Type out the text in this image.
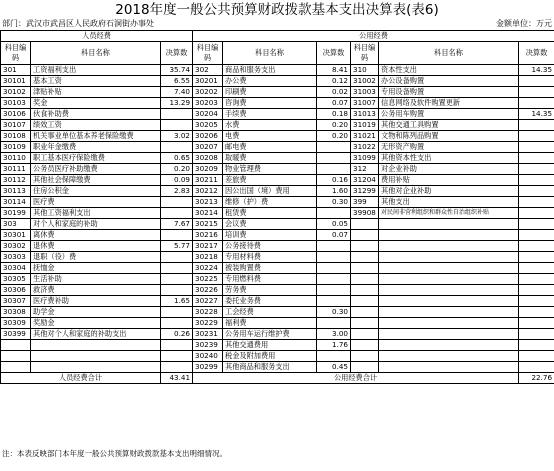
2018年度一般公共预算财政拨款基本支出决算表(表6)
部门：武汉市武昌区人民政府石洞街办事处	金额单位：万元
人员经费			公用经费					
科目编码	科目名称	决算数	科目编码	科目名称	决算数	科目编码	科目名称	决算数
301	工资福利支出	35.74	302	商品和服务支出	8.41	310	资本性支出	14.35
30101	基本工资	6.55	30201	办公费	0.12	31002	办公设备购置	
30102	津贴补贴	7.40	30202	印刷费	0.02	31003	专用设备购置	
30103	奖金	13.29	30203	咨询费	0.07	31007	信息网络及软件购置更新	
30106	伙食补助费		30204	手续费	0.18	31013	公务用车购置	14.35
30107	绩效工资		30205	水费	0.20	31019	其他交通工具购置	
30108	机关事业单位基本养老保险缴费	3.02	30206	电费	0.20	31021	文物和陈列品购置	
30109	职业年金缴费		30207	邮电费		31022	无形资产购置	
30110	职工基本医疗保险缴费	0.65	30208	取暖费		31099	其他资本性支出	
30111	公务员医疗补助缴费	0.20	30209	物业管理费		312	对企业补助	
30112	其他社会保障缴费	0.09	30211	差旅费	0.16	31204	费用补贴	
30113	住房公积金	2.83	30212	因公出国（境）费用	1.60	31299	其他对企业补助	
30114	医疗费		30213	维修（护）费	0.30	399	其他支出	
30199	其他工资福利支出		30214	租赁费		39908	对民间非营利组织和群众性自治组织补贴	
303	对个人和家庭的补助	7.67	30215	会议费	0.05			
30301	离休费		30216	培训费	0.07			
30302	退休费	5.77	30217	公务接待费				
30303	退职（役）费		30218	专用材料费				
30304	抚恤金		30224	被装购置费				
30305	生活补助		30225	专用燃料费				
30306	救济费		30226	劳务费				
30307	医疗费补助	1.65	30227	委托业务费				
30308	助学金		30228	工会经费	0.30			
30309	奖励金		30229	福利费				
30399	其他对个人和家庭的补助支出	0.26	30231	公务用车运行维护费	3.00			
			30239	其他交通费用	1.76			
			30240	税金及附加费用				
			30299	其他商品和服务支出	0.45			
人员经费合计		43.41	公用经费合计					22.76
注：本表反映部门本年度一般公共预算财政拨款基本支出明细情况。
